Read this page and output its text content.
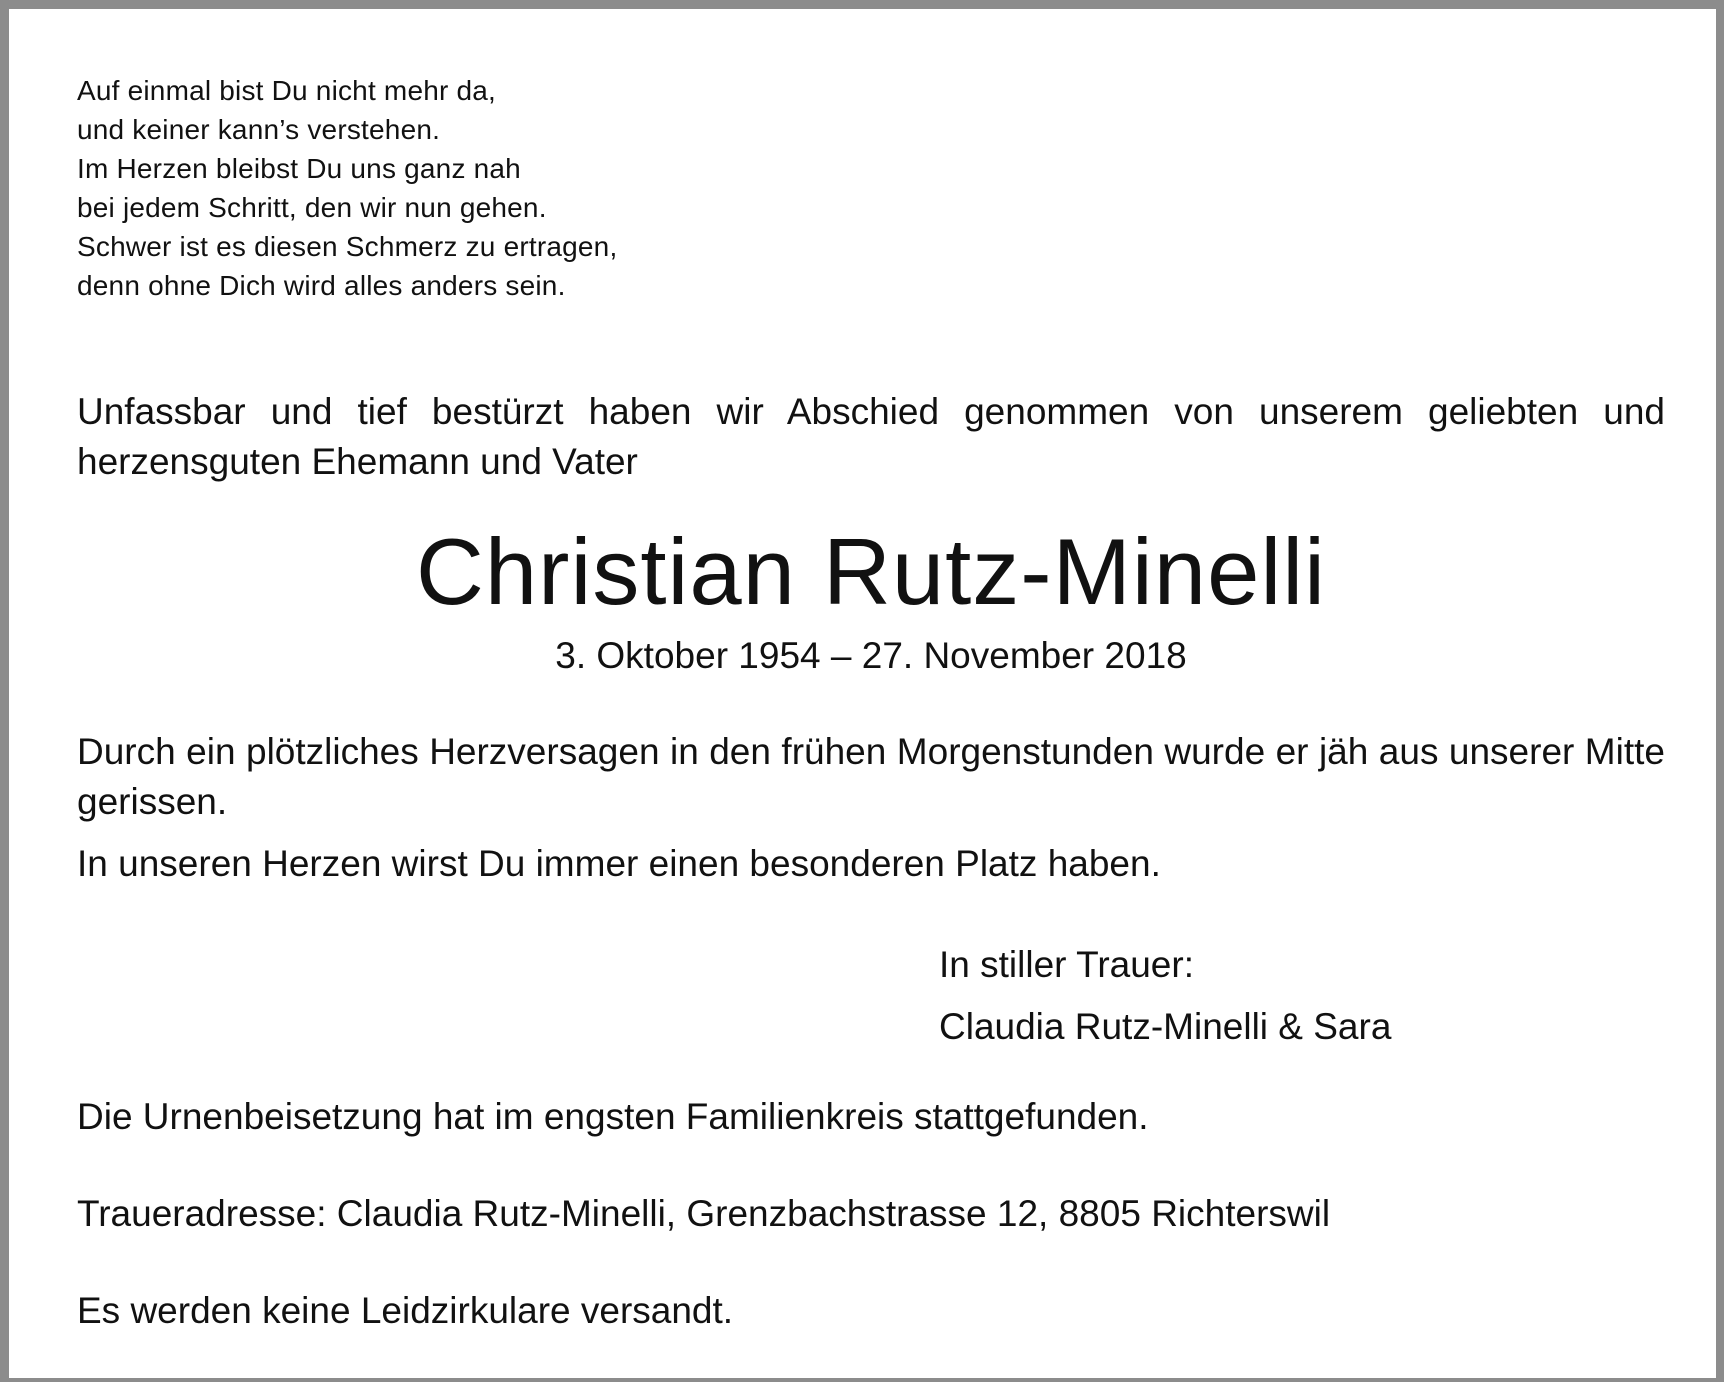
Auf einmal bist Du nicht mehr da,
und keiner kann’s verstehen.
Im Herzen bleibst Du uns ganz nah
bei jedem Schritt, den wir nun gehen.
Schwer ist es diesen Schmerz zu ertragen,
denn ohne Dich wird alles anders sein.
Unfassbar und tief bestürzt haben wir Abschied genommen von unserem geliebten und herzensguten Ehemann und Vater
Christian Rutz-Minelli
3. Oktober 1954 – 27. November 2018
Durch ein plötzliches Herzversagen in den frühen Morgenstunden wurde er jäh aus unserer Mitte gerissen.
In unseren Herzen wirst Du immer einen besonderen Platz haben.
In stiller Trauer:
Claudia Rutz-Minelli & Sara
Die Urnenbeisetzung hat im engsten Familienkreis stattgefunden.
Traueradresse: Claudia Rutz-Minelli, Grenzbachstrasse 12, 8805 Richterswil
Es werden keine Leidzirkulare versandt.
